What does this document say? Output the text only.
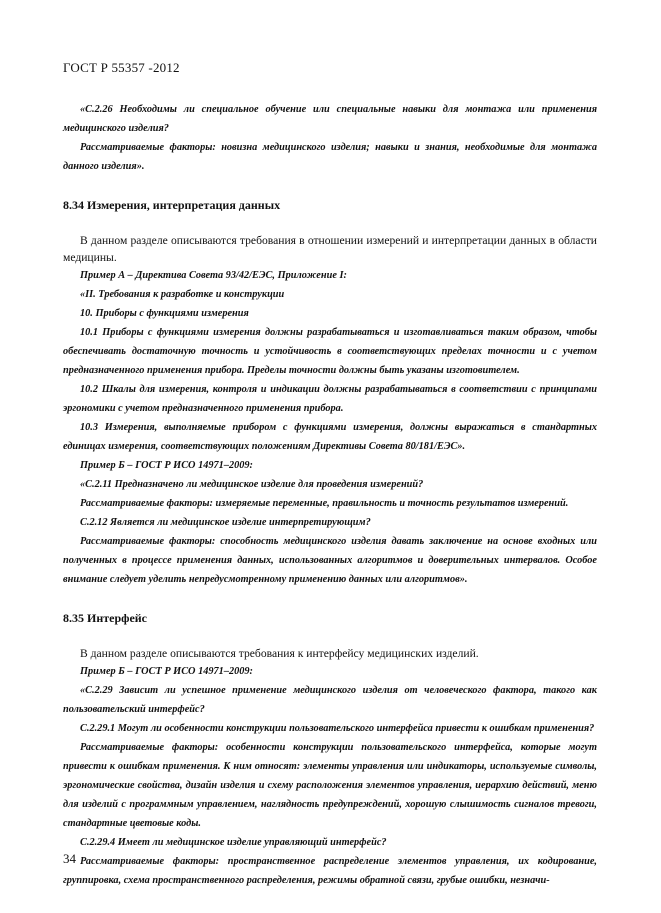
ГОСТ Р 55357 -2012

«С.2.26 Необходимы ли специальное обучение или специальные навыки для монтажа или применения медицинского изделия?

Рассматриваемые факторы: новизна медицинского изделия; навыки и знания, необходимые для монтажа данного изделия».

8.34 Измерения, интерпретация данных

В данном разделе описываются требования в отношении измерений и интерпретации данных в области медицины.

Пример А – Директива Совета 93/42/ЕЭС, Приложение I:

«II. Требования к разработке и конструкции

10. Приборы с функциями измерения

10.1 Приборы с функциями измерения должны разрабатываться и изготавливаться таким образом, чтобы обеспечивать достаточную точность и устойчивость в соответствующих пределах точности и с учетом предназначенного применения прибора. Пределы точности должны быть указаны изготовителем.

10.2 Шкалы для измерения, контроля и индикации должны разрабатываться в соответствии с принципами эргономики с учетом предназначенного применения прибора.

10.3 Измерения, выполняемые прибором с функциями измерения, должны выражаться в стандартных единицах измерения, соответствующих положениям Директивы Совета 80/181/ЕЭС».

Пример Б – ГОСТ Р ИСО 14971–2009:

«С.2.11 Предназначено ли медицинское изделие для проведения измерений?

Рассматриваемые факторы: измеряемые переменные, правильность и точность результатов измерений.

С.2.12 Является ли медицинское изделие интерпретирующим?

Рассматриваемые факторы: способность медицинского изделия давать заключение на основе входных или полученных в процессе применения данных, использованных алгоритмов и доверительных интервалов. Особое внимание следует уделить непредусмотренному применению данных или алгоритмов».

8.35 Интерфейс

В данном разделе описываются требования к интерфейсу медицинских изделий.

Пример Б – ГОСТ Р ИСО 14971–2009:

«С.2.29 Зависит ли успешное применение медицинского изделия от человеческого фактора, такого как пользовательский интерфейс?

С.2.29.1 Могут ли особенности конструкции пользовательского интерфейса привести к ошибкам применения?

Рассматриваемые факторы: особенности конструкции пользовательского интерфейса, которые могут привести к ошибкам применения. К ним относят: элементы управления или индикаторы, используемые символы, эргономические свойства, дизайн изделия и схему расположения элементов управления, иерархию действий, меню для изделий с программным управлением, наглядность предупреждений, хорошую слышимость сигналов тревоги, стандартные цветовые коды.

С.2.29.4 Имеет ли медицинское изделие управляющий интерфейс?

Рассматриваемые факторы: пространственное распределение элементов управления, их кодирование, группировка, схема пространственного распределения, режимы обратной связи, грубые ошибки, незначи-

34
